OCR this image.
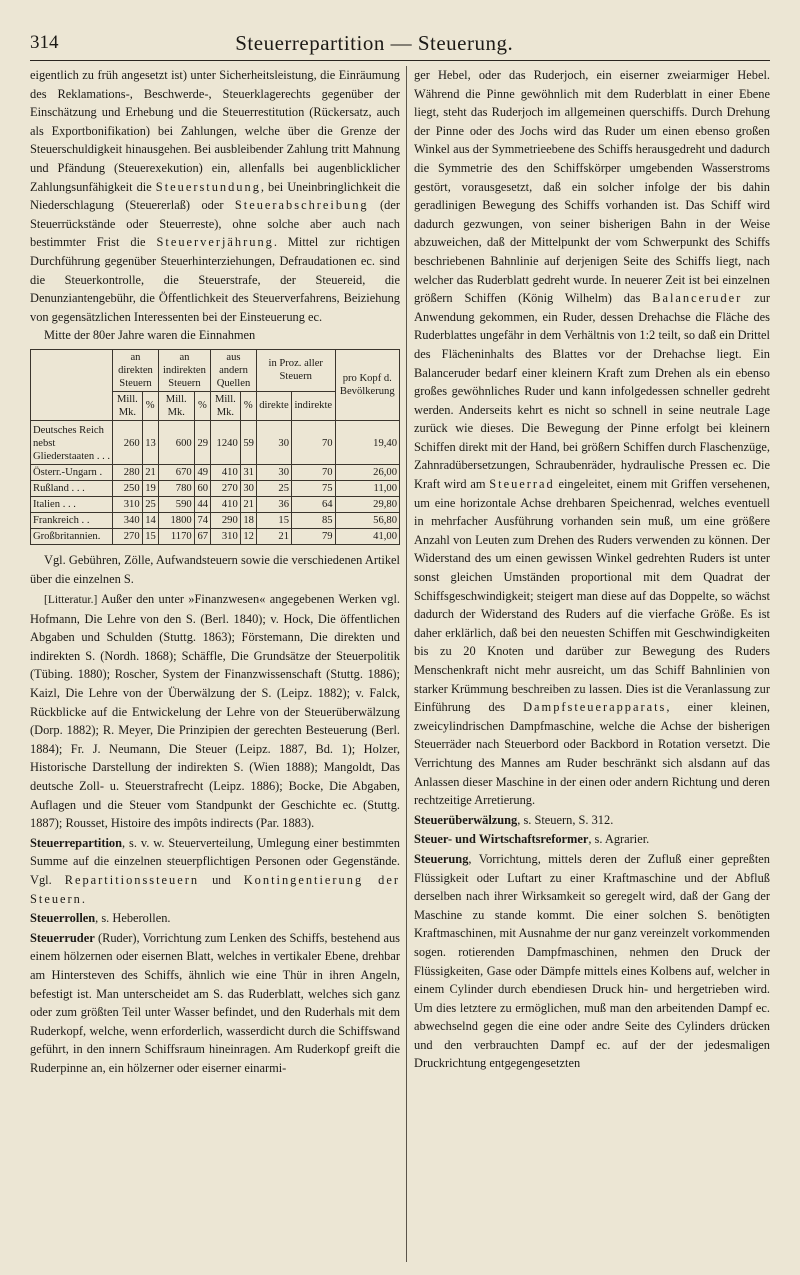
314	Steuerrepartition — Steuerung.

eigentlich zu früh angesetzt ist) unter Sicherheitsleistung, die Einräumung des Reklamations-, Beschwerde-, Steuerklagerechts gegenüber der Einschätzung und Erhebung und die Steuerrestitution (Rückersatz, auch als Exportbonifikation) bei Zahlungen, welche über die Grenze der Steuerschuldigkeit hinausgehen. Bei ausbleibender Zahlung tritt Mahnung und Pfändung (Steuerexekution) ein, allenfalls bei augenblicklicher Zahlungsunfähigkeit die Steuerstundung, bei Uneinbringlichkeit die Niederschlagung (Steuererlaß) oder Steuerabschreibung (der Steuerrückstände oder Steuerreste), ohne solche aber auch nach bestimmter Frist die Steuerverjährung. Mittel zur richtigen Durchführung gegenüber Steuerhinterziehungen, Defraudationen ec. sind die Steuerkontrolle, die Steuerstrafe, der Steuereid, die Denunziantengebühr, die Öffentlichkeit des Steuerverfahrens, Beiziehung von gegensätzlichen Interessenten bei der Einsteuerung ec.

Mitte der 80er Jahre waren die Einnahmen

	an direkten Steuern		an indirekten Steuern		aus andern Quellen		in Proz. aller Steuern		pro Kopf d. Bevölkerung
	Mill. Mk.	%	Mill. Mk.	%	Mill. Mk.	%	direkte	indirekte	
Deutsches Reich nebst Gliederstaaten . . .	260	13	600	29	1240	59	30	70	19,40
Österr.-Ungarn .	280	21	670	49	410	31	30	70	26,00
Rußland . . .	250	19	780	60	270	30	25	75	11,00
Italien . . .	310	25	590	44	410	21	36	64	29,80
Frankreich . .	340	14	1800	74	290	18	15	85	56,80
Großbritannien.	270	15	1170	67	310	12	21	79	41,00

Vgl. Gebühren, Zölle, Aufwandsteuern sowie die verschiedenen Artikel über die einzelnen S.

[Litteratur.] Außer den unter »Finanzwesen« angegebenen Werken vgl. Hofmann, Die Lehre von den S. (Berl. 1840); v. Hock, Die öffentlichen Abgaben und Schulden (Stuttg. 1863); Förstemann, Die direkten und indirekten S. (Nordh. 1868); Schäffle, Die Grundsätze der Steuerpolitik (Tübing. 1880); Roscher, System der Finanzwissenschaft (Stuttg. 1886); Kaizl, Die Lehre von der Überwälzung der S. (Leipz. 1882); v. Falck, Rückblicke auf die Entwickelung der Lehre von der Steuerüberwälzung (Dorp. 1882); R. Meyer, Die Prinzipien der gerechten Besteuerung (Berl. 1884); Fr. J. Neumann, Die Steuer (Leipz. 1887, Bd. 1); Holzer, Historische Darstellung der indirekten S. (Wien 1888); Mangoldt, Das deutsche Zoll- u. Steuerstrafrecht (Leipz. 1886); Bocke, Die Abgaben, Auflagen und die Steuer vom Standpunkt der Geschichte ec. (Stuttg. 1887); Rousset, Histoire des impôts indirects (Par. 1883).

Steuerrepartition, s. v. w. Steuerverteilung, Umlegung einer bestimmten Summe auf die einzelnen steuerpflichtigen Personen oder Gegenstände. Vgl. Repartitionssteuern und Kontingentierung der Steuern.

Steuerrollen, s. Heberollen.

Steuerruder (Ruder), Vorrichtung zum Lenken des Schiffs, bestehend aus einem hölzernen oder eisernen Blatt, welches in vertikaler Ebene, drehbar am Hintersteven des Schiffs, ähnlich wie eine Thür in ihren Angeln, befestigt ist. Man unterscheidet am S. das Ruderblatt, welches sich ganz oder zum größten Teil unter Wasser befindet, und den Ruderhals mit dem Ruderkopf, welche, wenn erforderlich, wasserdicht durch die Schiffswand geführt, in den innern Schiffsraum hineinragen. Am Ruderkopf greift die Ruderpinne an, ein hölzerner oder eiserner einarmi-

ger Hebel, oder das Ruderjoch, ein eiserner zweiarmiger Hebel. Während die Pinne gewöhnlich mit dem Ruderblatt in einer Ebene liegt, steht das Ruderjoch im allgemeinen querschiffs. Durch Drehung der Pinne oder des Jochs wird das Ruder um einen ebenso großen Winkel aus der Symmetrieebene des Schiffs herausgedreht und dadurch die Symmetrie des den Schiffskörper umgebenden Wasserstroms gestört, vorausgesetzt, daß ein solcher infolge der bis dahin geradlinigen Bewegung des Schiffs vorhanden ist. Das Schiff wird dadurch gezwungen, von seiner bisherigen Bahn in der Weise abzuweichen, daß der Mittelpunkt der vom Schwerpunkt des Schiffs beschriebenen Bahnlinie auf derjenigen Seite des Schiffs liegt, nach welcher das Ruderblatt gedreht wurde. In neuerer Zeit ist bei einzelnen größern Schiffen (König Wilhelm) das Balanceruder zur Anwendung gekommen, ein Ruder, dessen Drehachse die Fläche des Ruderblattes ungefähr in dem Verhältnis von 1:2 teilt, so daß ein Drittel des Flächeninhalts des Blattes vor der Drehachse liegt. Ein Balanceruder bedarf einer kleinern Kraft zum Drehen als ein ebenso großes gewöhnliches Ruder und kann infolgedessen schneller gedreht werden. Anderseits kehrt es nicht so schnell in seine neutrale Lage zurück wie dieses. Die Bewegung der Pinne erfolgt bei kleinern Schiffen direkt mit der Hand, bei größern Schiffen durch Flaschenzüge, Zahnradübersetzungen, Schraubenräder, hydraulische Pressen ec. Die Kraft wird am Steuerrad eingeleitet, einem mit Griffen versehenen, um eine horizontale Achse drehbaren Speichenrad, welches eventuell in mehrfacher Ausführung vorhanden sein muß, um eine größere Anzahl von Leuten zum Drehen des Ruders verwenden zu können. Der Widerstand des um einen gewissen Winkel gedrehten Ruders ist unter sonst gleichen Umständen proportional mit dem Quadrat der Schiffsgeschwindigkeit; steigert man diese auf das Doppelte, so wächst dadurch der Widerstand des Ruders auf die vierfache Größe. Es ist daher erklärlich, daß bei den neuesten Schiffen mit Geschwindigkeiten bis zu 20 Knoten und darüber zur Bewegung des Ruders Menschenkraft nicht mehr ausreicht, um das Schiff Bahnlinien von starker Krümmung beschreiben zu lassen. Dies ist die Veranlassung zur Einführung des Dampfsteuerapparats, einer kleinen, zweicylindrischen Dampfmaschine, welche die Achse der bisherigen Steuerräder nach Steuerbord oder Backbord in Rotation versetzt. Die Verrichtung des Mannes am Ruder beschränkt sich alsdann auf das Anlassen dieser Maschine in der einen oder andern Richtung und deren rechtzeitige Arretierung.

Steuerüberwälzung, s. Steuern, S. 312.

Steuer- und Wirtschaftsreformer, s. Agrarier.

Steuerung, Vorrichtung, mittels deren der Zufluß einer gepreßten Flüssigkeit oder Luftart zu einer Kraftmaschine und der Abfluß derselben nach ihrer Wirksamkeit so geregelt wird, daß der Gang der Maschine zu stande kommt. Die einer solchen S. benötigten Kraftmaschinen, mit Ausnahme der nur ganz vereinzelt vorkommenden sogen. rotierenden Dampfmaschinen, nehmen den Druck der Flüssigkeiten, Gase oder Dämpfe mittels eines Kolbens auf, welcher in einem Cylinder durch ebendiesen Druck hin- und hergetrieben wird. Um dies letztere zu ermöglichen, muß man den arbeitenden Dampf ec. abwechselnd gegen die eine oder andre Seite des Cylinders drücken und den verbrauchten Dampf ec. auf der der jedesmaligen Druckrichtung entgegengesetzten
